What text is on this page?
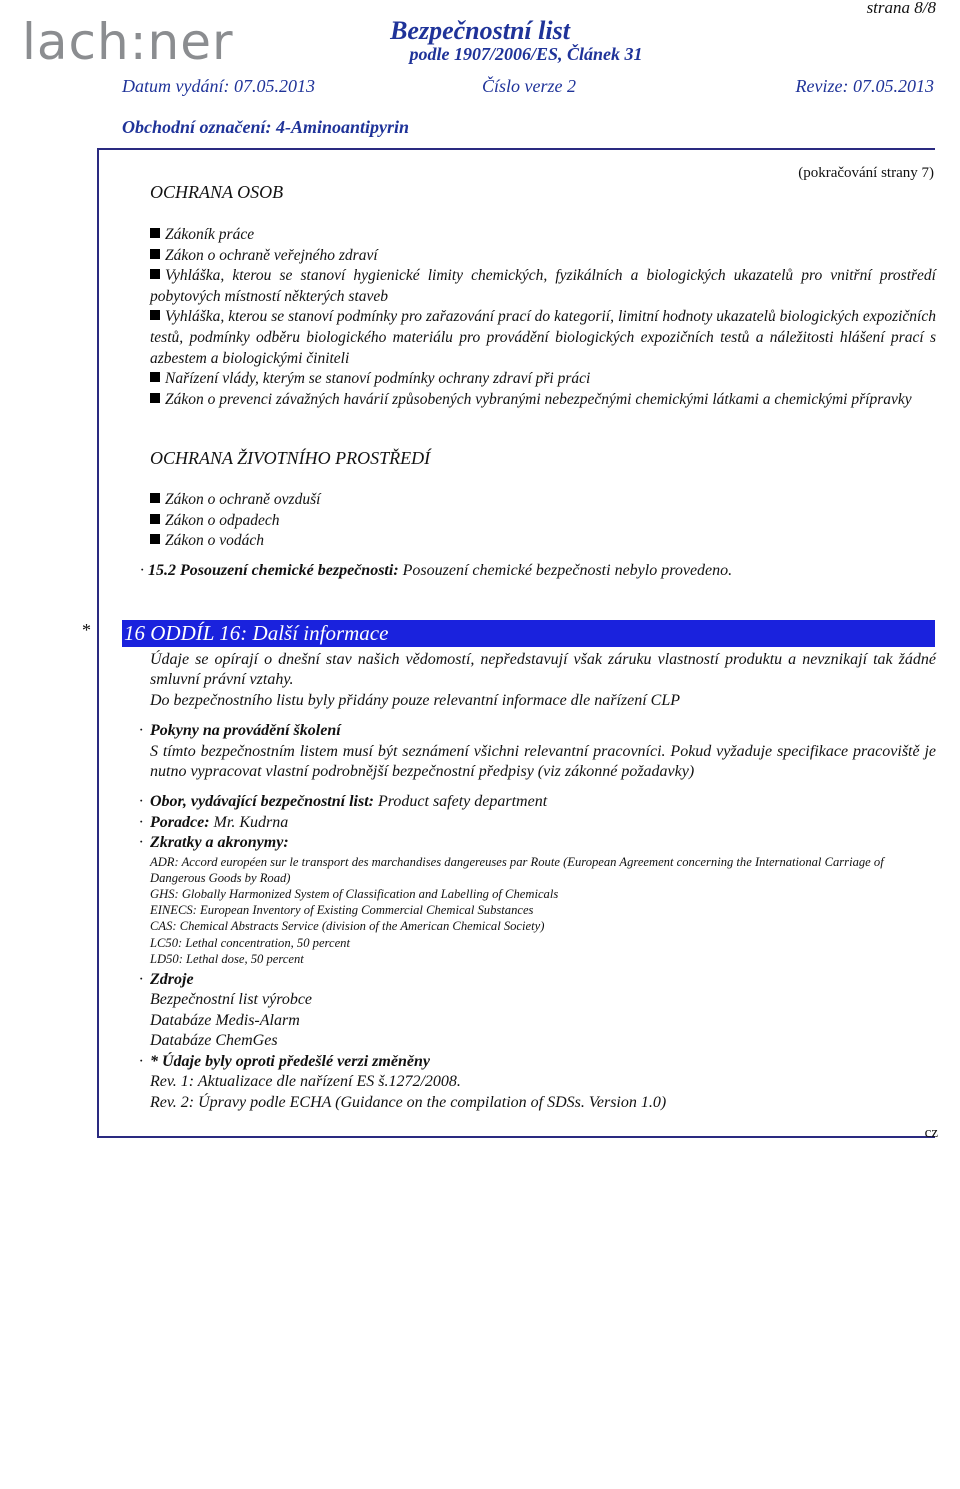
lach:ner
strana 8/8
Bezpečnostní list
podle 1907/2006/ES, Článek 31
Datum vydání: 07.05.2013	Číslo verze 2	Revize: 07.05.2013
Obchodní označení: 4-Aminoantipyrin
(pokračování strany 7)
OCHRANA OSOB
Zákoník práce
Zákon o ochraně veřejného zdraví
Vyhláška, kterou se stanoví hygienické limity chemických, fyzikálních a biologických ukazatelů pro vnitřní prostředí pobytových místností některých staveb
Vyhláška, kterou se stanoví podmínky pro zařazování prací do kategorií, limitní hodnoty ukazatelů biologických expozičních testů, podmínky odběru biologického materiálu pro provádění biologických expozičních testů a náležitosti hlášení prací s azbestem a biologickými činiteli
Nařízení vlády, kterým se stanoví podmínky ochrany zdraví při práci
Zákon o prevenci závažných havárií způsobených vybranými nebezpečnými chemickými látkami a chemickými přípravky
OCHRANA ŽIVOTNÍHO PROSTŘEDÍ
Zákon o ochraně ovzduší
Zákon o odpadech
Zákon o vodách
· 15.2 Posouzení chemické bezpečnosti: Posouzení chemické bezpečnosti nebylo provedeno.
* 16 ODDÍL 16: Další informace
Údaje se opírají o dnešní stav našich vědomostí, nepředstavují však záruku vlastností produktu a nevznikají tak žádné smluvní právní vztahy.
Do bezpečnostního listu byly přidány pouze relevantní informace dle nařízení CLP
· Pokyny na provádění školení
S tímto bezpečnostním listem musí být seznámení všichni relevantní pracovníci. Pokud vyžaduje specifikace pracoviště je nutno vypracovat vlastní podrobnější bezpečnostní předpisy (viz zákonné požadavky)
· Obor, vydávající bezpečnostní list: Product safety department
· Poradce: Mr. Kudrna
· Zkratky a akronymy:
ADR: Accord européen sur le transport des marchandises dangereuses par Route (European Agreement concerning the International Carriage of Dangerous Goods by Road)
GHS: Globally Harmonized System of Classification and Labelling of Chemicals
EINECS: European Inventory of Existing Commercial Chemical Substances
CAS: Chemical Abstracts Service (division of the American Chemical Society)
LC50: Lethal concentration, 50 percent
LD50: Lethal dose, 50 percent
· Zdroje
Bezpečnostní list výrobce
Databáze Medis-Alarm
Databáze ChemGes
· * Údaje byly oproti předešlé verzi změněny
Rev. 1: Aktualizace dle nařízení ES š.1272/2008.
Rev. 2: Úpravy podle ECHA (Guidance on the compilation of SDSs. Version 1.0)
cz
